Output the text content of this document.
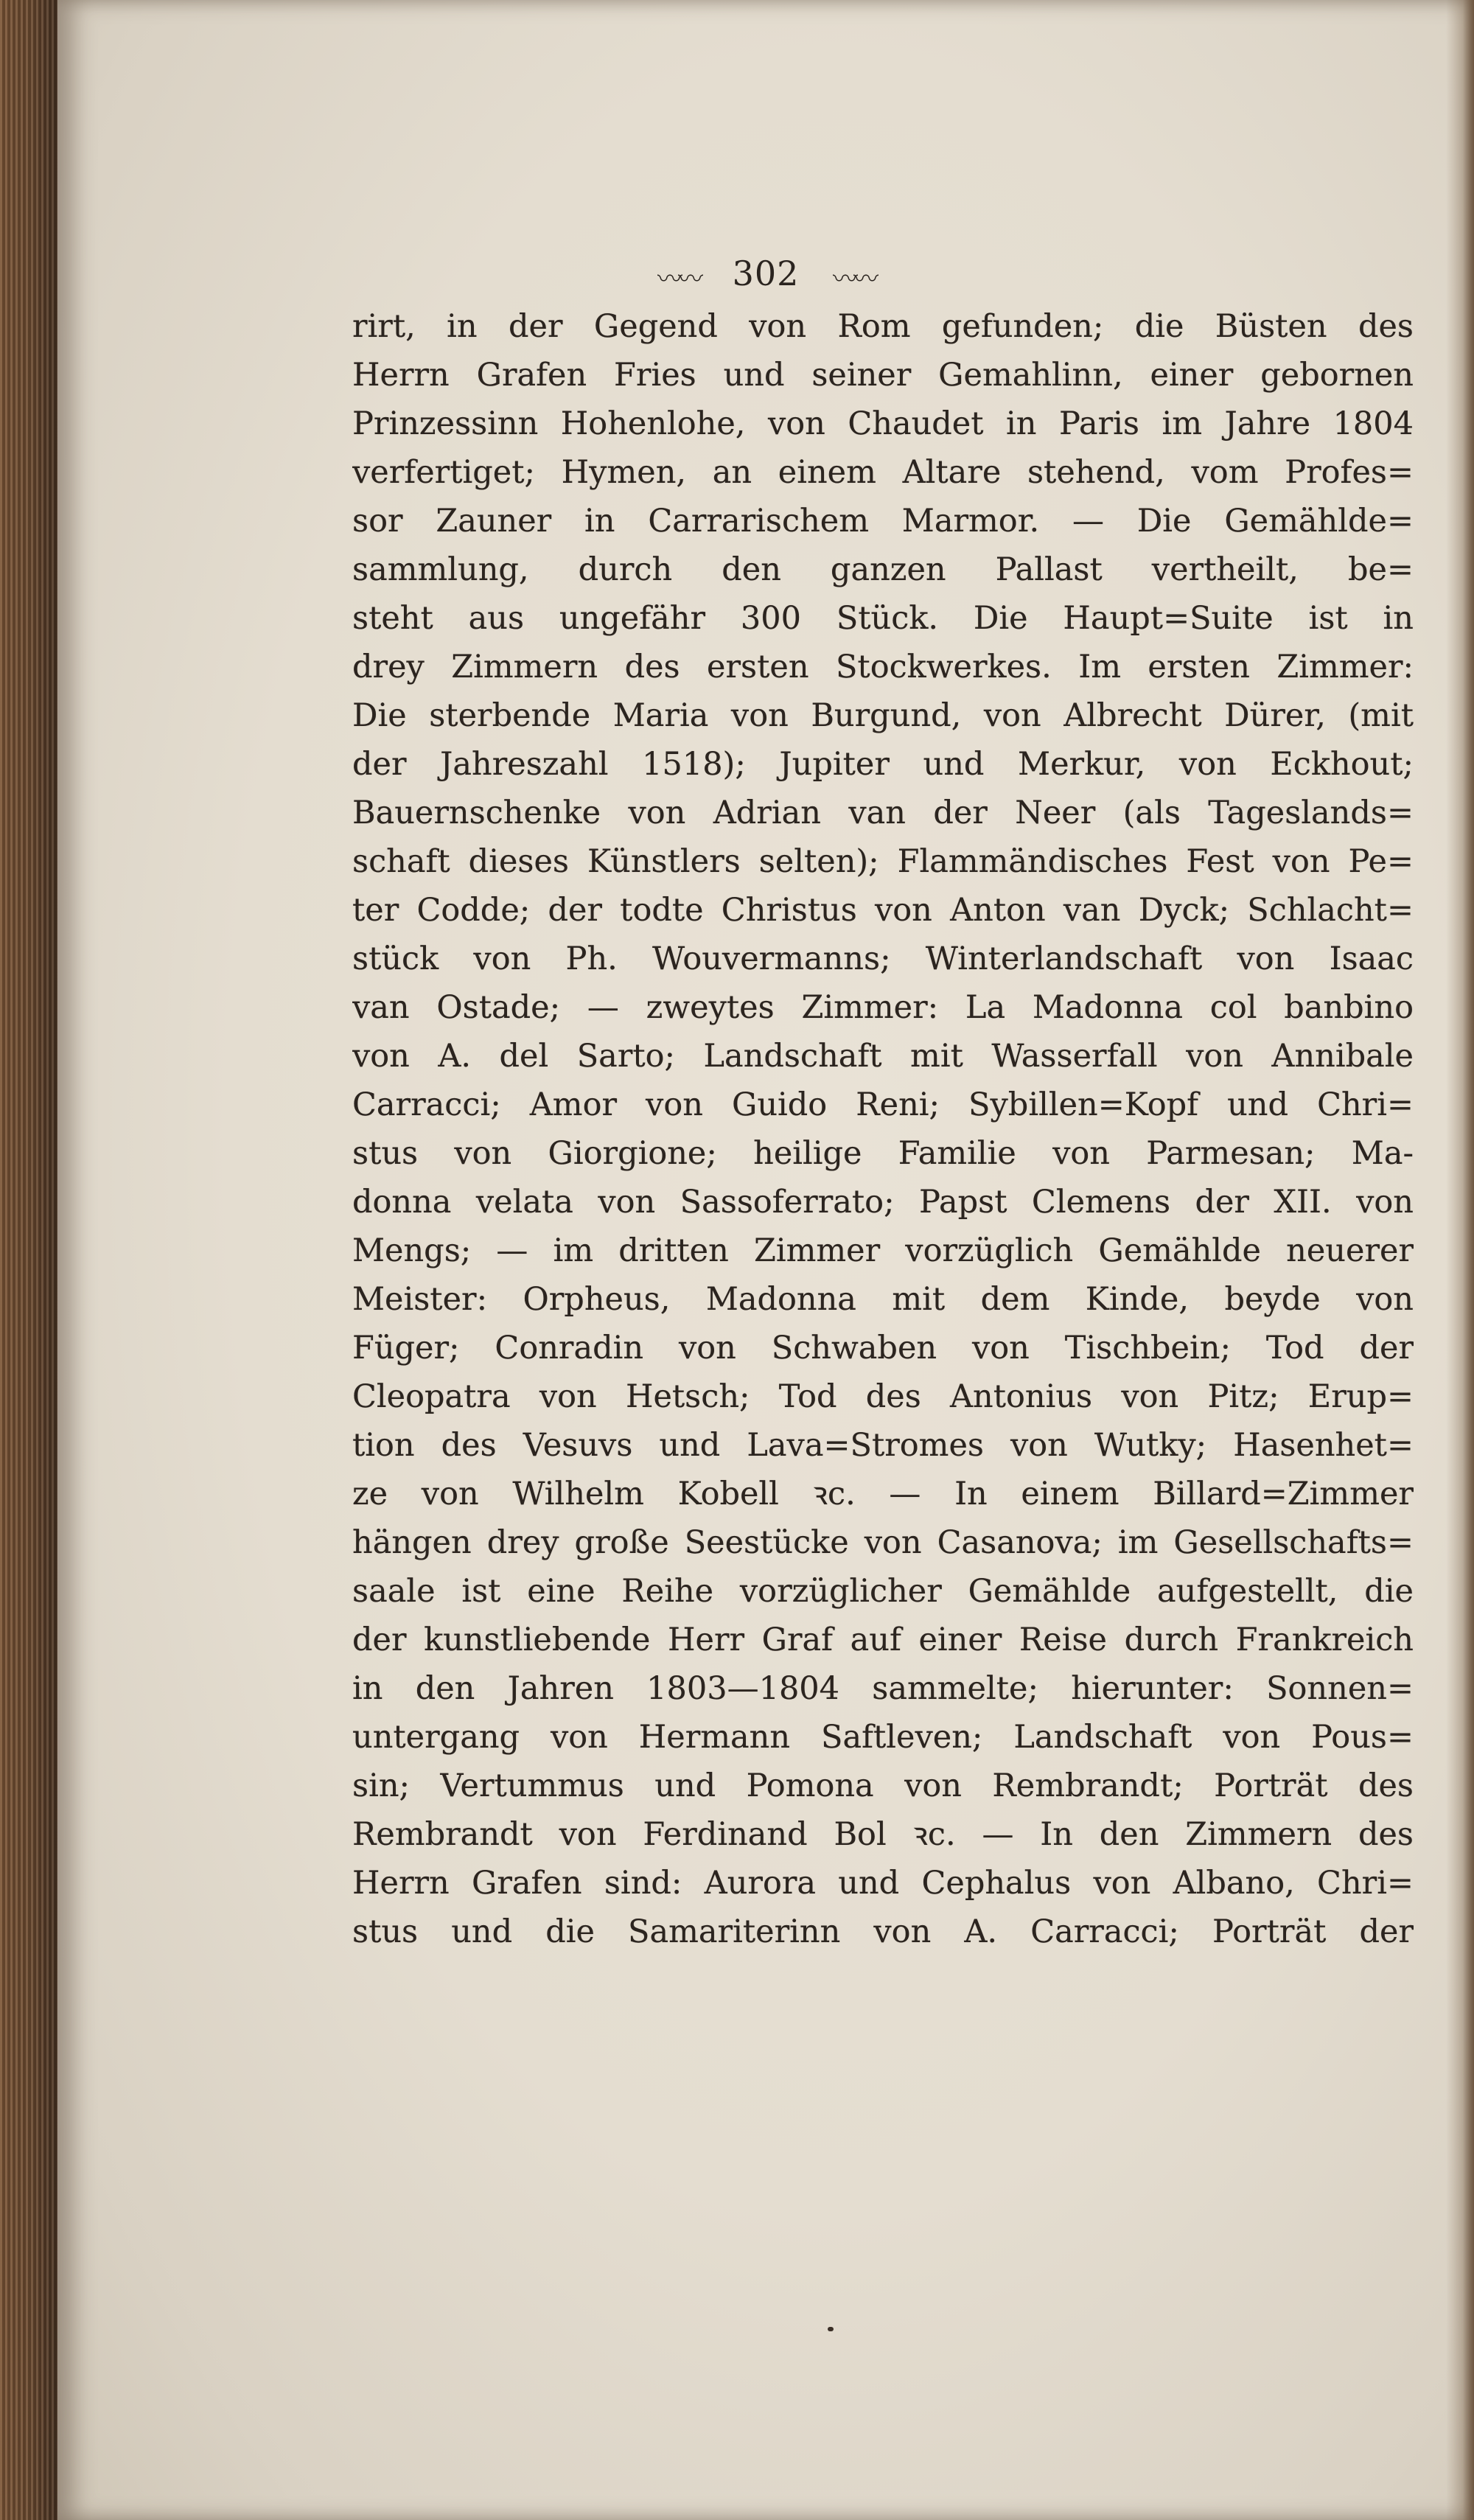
〰〰 302 〰〰
rirt, in der Gegend von Rom gefunden; die Büsten des
Herrn Grafen Fries und seiner Gemahlinn, einer gebornen
Prinzessinn Hohenlohe, von Chaudet in Paris im Jahre 1804
verfertiget; Hymen, an einem Altare stehend, vom Profes=
sor Zauner in Carrarischem Marmor. — Die Gemählde=
sammlung, durch den ganzen Pallast vertheilt, be=
steht aus ungefähr 300 Stück. Die Haupt=Suite ist in
drey Zimmern des ersten Stockwerkes. Im ersten Zimmer:
Die sterbende Maria von Burgund, von Albrecht Dürer, (mit
der Jahreszahl 1518); Jupiter und Merkur, von Eckhout;
Bauernschenke von Adrian van der Neer (als Tageslands=
schaft dieses Künstlers selten); Flammändisches Fest von Pe=
ter Codde; der todte Christus von Anton van Dyck; Schlacht=
stück von Ph. Wouvermanns; Winterlandschaft von Isaac
van Ostade; — zweytes Zimmer: La Madonna col banbino
von A. del Sarto; Landschaft mit Wasserfall von Annibale
Carracci; Amor von Guido Reni; Sybillen=Kopf und Chri=
stus von Giorgione; heilige Familie von Parmesan; Ma-
donna velata von Sassoferrato; Papst Clemens der XII. von
Mengs; — im dritten Zimmer vorzüglich Gemählde neuerer
Meister: Orpheus, Madonna mit dem Kinde, beyde von
Füger; Conradin von Schwaben von Tischbein; Tod der
Cleopatra von Hetsch; Tod des Antonius von Pitz; Erup=
tion des Vesuvs und Lava=Stromes von Wutky; Hasenhet=
ze von Wilhelm Kobell ꝛc. — In einem Billard=Zimmer
hängen drey große Seestücke von Casanova; im Gesellschafts=
saale ist eine Reihe vorzüglicher Gemählde aufgestellt, die
der kunstliebende Herr Graf auf einer Reise durch Frankreich
in den Jahren 1803—1804 sammelte; hierunter: Sonnen=
untergang von Hermann Saftleven; Landschaft von Pous=
sin; Vertummus und Pomona von Rembrandt; Porträt des
Rembrandt von Ferdinand Bol ꝛc. — In den Zimmern des
Herrn Grafen sind: Aurora und Cephalus von Albano, Chri=
stus und die Samariterinn von A. Carracci; Porträt der
